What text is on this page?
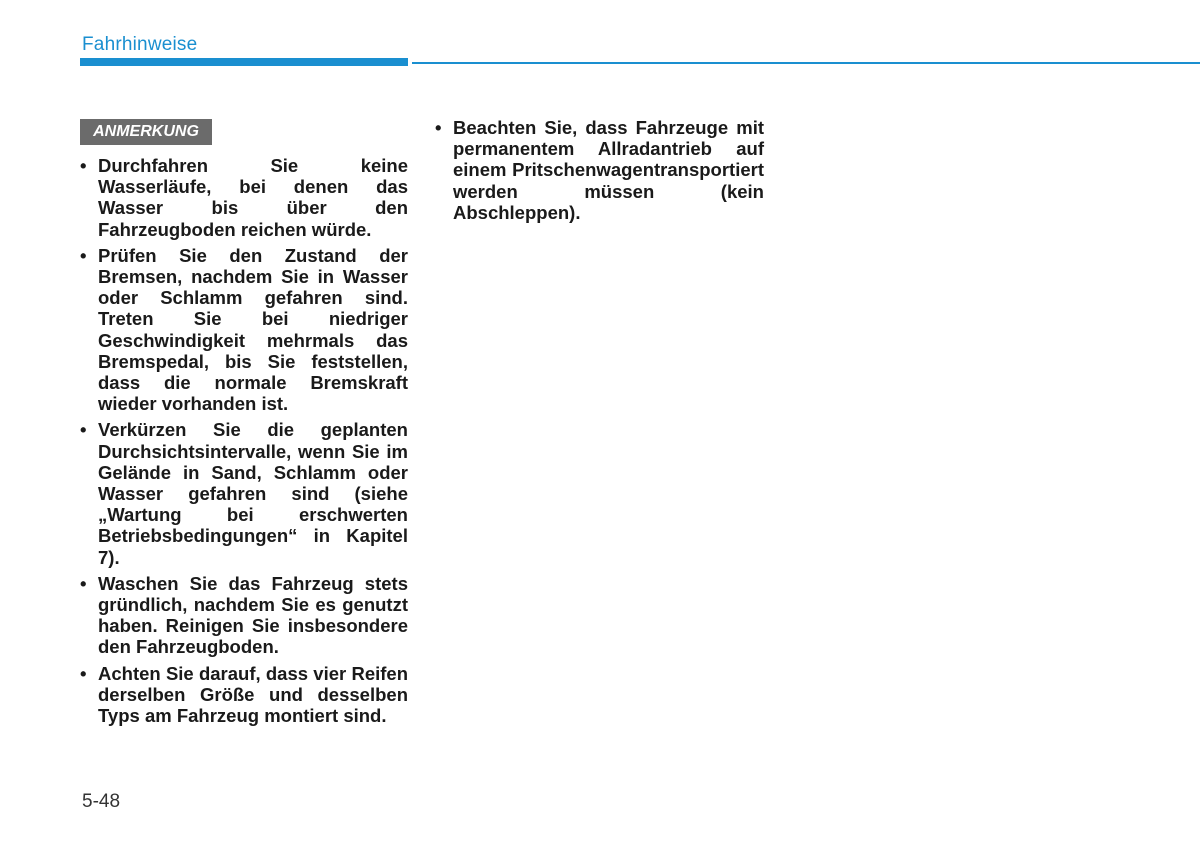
Fahrhinweise
ANMERKUNG
• Durchfahren Sie keine Wasserläufe, bei denen das Wasser bis über den Fahrzeugboden reichen würde.
• Prüfen Sie den Zustand der Bremsen, nachdem Sie in Wasser oder Schlamm gefahren sind. Treten Sie bei niedriger Geschwindigkeit mehrmals das Bremspedal, bis Sie feststellen, dass die normale Bremskraft wieder vorhanden ist.
• Verkürzen Sie die geplanten Durchsichtsintervalle, wenn Sie im Gelände in Sand, Schlamm oder Wasser gefahren sind (siehe „Wartung bei erschwerten Betriebsbedingungen“ in Kapitel 7).
• Waschen Sie das Fahrzeug stets gründlich, nachdem Sie es genutzt haben. Reinigen Sie insbesondere den Fahrzeugboden.
• Achten Sie darauf, dass vier Reifen derselben Größe und desselben Typs am Fahrzeug montiert sind.
• Beachten Sie, dass Fahrzeuge mit permanentem Allradantrieb auf einem Pritschenwagentransportiert werden müssen (kein Abschleppen).
5-48
